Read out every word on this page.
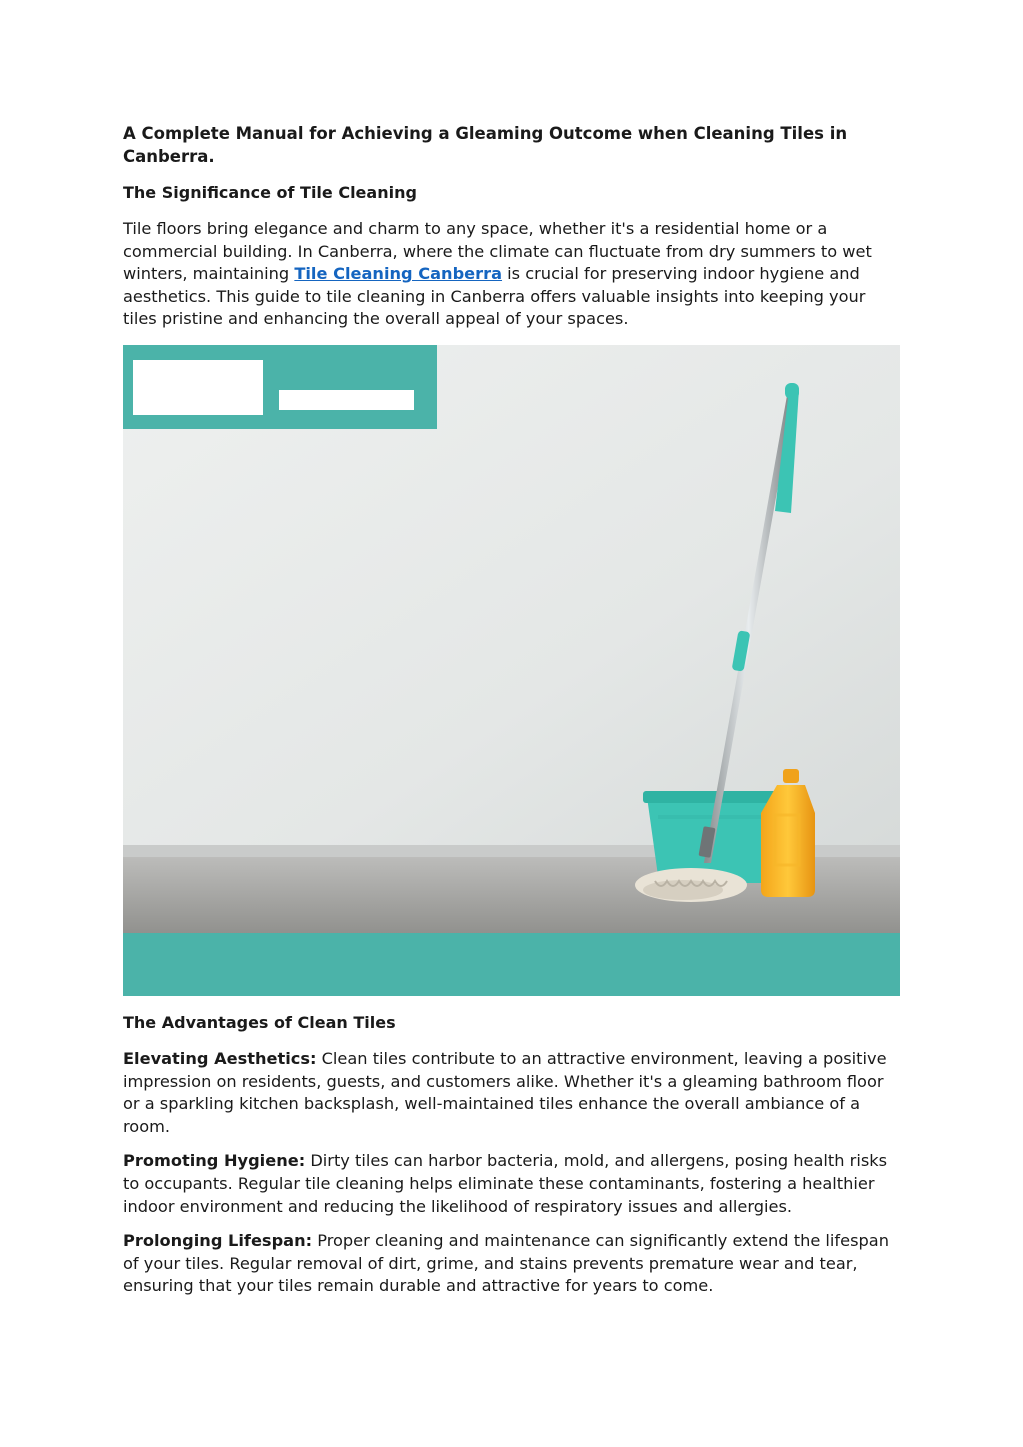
A Complete Manual for Achieving a Gleaming Outcome when Cleaning Tiles in Canberra.
The Significance of Tile Cleaning

Tile floors bring elegance and charm to any space, whether it's a residential home or a commercial building. In Canberra, where the climate can fluctuate from dry summers to wet winters, maintaining Tile Cleaning Canberra is crucial for preserving indoor hygiene and aesthetics. This guide to tile cleaning in Canberra offers valuable insights into keeping your tiles pristine and enhancing the overall appeal of your spaces.

The Advantages of Clean Tiles

Elevating Aesthetics: Clean tiles contribute to an attractive environment, leaving a positive impression on residents, guests, and customers alike. Whether it's a gleaming bathroom floor or a sparkling kitchen backsplash, well-maintained tiles enhance the overall ambiance of a room.

Promoting Hygiene: Dirty tiles can harbor bacteria, mold, and allergens, posing health risks to occupants. Regular tile cleaning helps eliminate these contaminants, fostering a healthier indoor environment and reducing the likelihood of respiratory issues and allergies.

Prolonging Lifespan: Proper cleaning and maintenance can significantly extend the lifespan of your tiles. Regular removal of dirt, grime, and stains prevents premature wear and tear, ensuring that your tiles remain durable and attractive for years to come.
